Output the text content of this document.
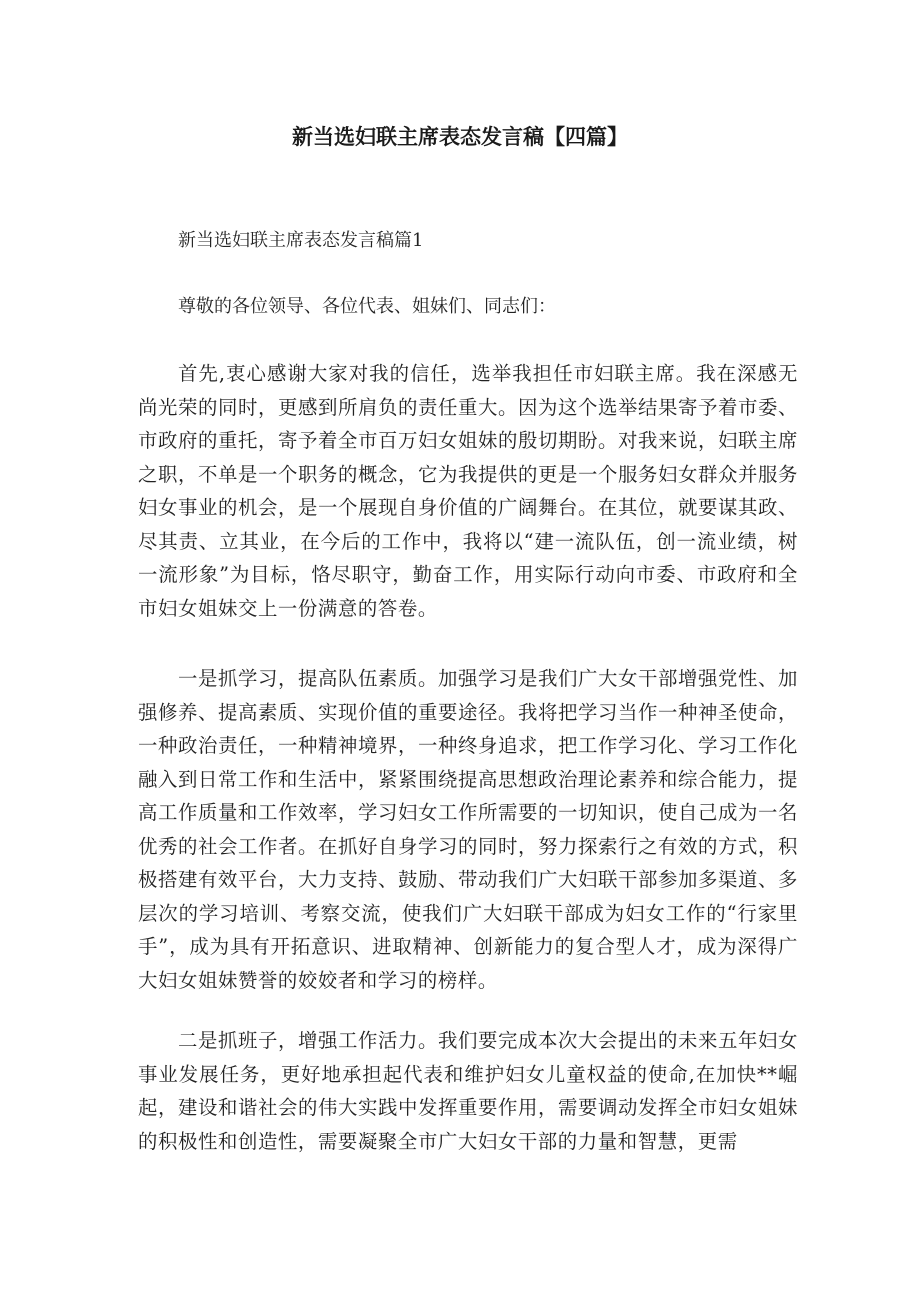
新当选妇联主席表态发言稿【四篇】

新当选妇联主席表态发言稿篇1

尊敬的各位领导、各位代表、姐妹们、同志们：

首先,衷心感谢大家对我的信任，选举我担任市妇联主席。我在深感无尚光荣的同时，更感到所肩负的责任重大。因为这个选举结果寄予着市委、市政府的重托，寄予着全市百万妇女姐妹的殷切期盼。对我来说，妇联主席之职，不单是一个职务的概念，它为我提供的更是一个服务妇女群众并服务妇女事业的机会，是一个展现自身价值的广阔舞台。在其位，就要谋其政、尽其责、立其业，在今后的工作中，我将以“建一流队伍，创一流业绩，树一流形象”为目标，恪尽职守，勤奋工作，用实际行动向市委、市政府和全市妇女姐妹交上一份满意的答卷。

一是抓学习，提高队伍素质。加强学习是我们广大女干部增强党性、加强修养、提高素质、实现价值的重要途径。我将把学习当作一种神圣使命，一种政治责任，一种精神境界，一种终身追求，把工作学习化、学习工作化融入到日常工作和生活中，紧紧围绕提高思想政治理论素养和综合能力，提高工作质量和工作效率，学习妇女工作所需要的一切知识，使自己成为一名优秀的社会工作者。在抓好自身学习的同时，努力探索行之有效的方式，积极搭建有效平台，大力支持、鼓励、带动我们广大妇联干部参加多渠道、多层次的学习培训、考察交流，使我们广大妇联干部成为妇女工作的“行家里手”，成为具有开拓意识、进取精神、创新能力的复合型人才，成为深得广大妇女姐妹赞誉的姣姣者和学习的榜样。

二是抓班子，增强工作活力。我们要完成本次大会提出的未来五年妇女事业发展任务，更好地承担起代表和维护妇女儿童权益的使命,在加快**崛起，建设和谐社会的伟大实践中发挥重要作用，需要调动发挥全市妇女姐妹的积极性和创造性，需要凝聚全市广大妇女干部的力量和智慧，更需
